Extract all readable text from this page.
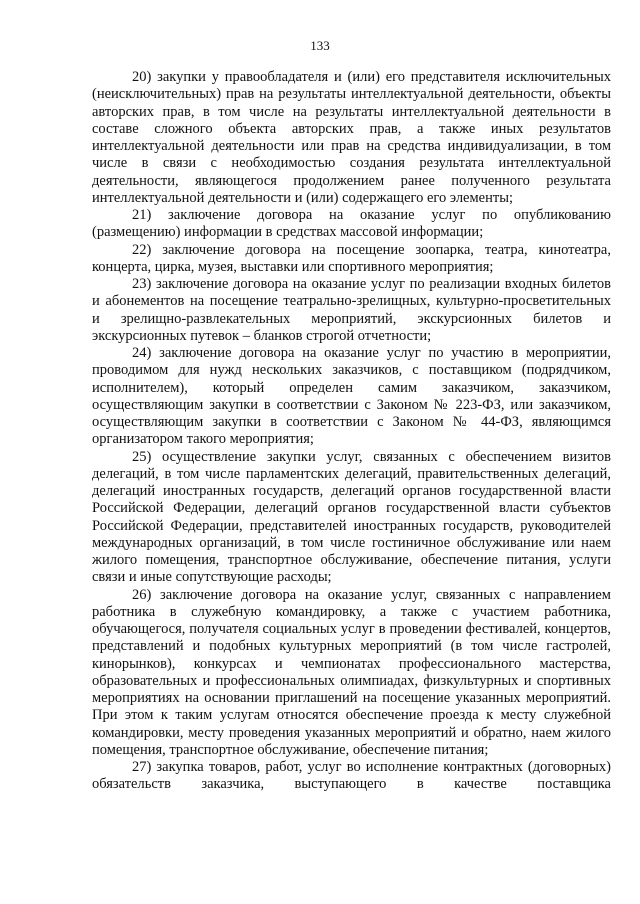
133

20) закупки у правообладателя и (или) его представителя исключительных (неисключительных) прав на результаты интеллектуальной деятельности, объекты авторских прав, в том числе на результаты интеллектуальной деятельности в составе сложного объекта авторских прав, а также иных результатов интеллектуальной деятельности или прав на средства индивидуализации, в том числе в связи с необходимостью создания результата интеллектуальной деятельности, являющегося продолжением ранее полученного результата интеллектуальной деятельности и (или) содержащего его элементы;

21) заключение договора на оказание услуг по опубликованию (размещению) информации в средствах массовой информации;

22) заключение договора на посещение зоопарка, театра, кинотеатра, концерта, цирка, музея, выставки или спортивного мероприятия;

23) заключение договора на оказание услуг по реализации входных билетов и абонементов на посещение театрально-зрелищных, культурно-просветительных и зрелищно-развлекательных мероприятий, экскурсионных билетов и экскурсионных путевок – бланков строгой отчетности;

24) заключение договора на оказание услуг по участию в мероприятии, проводимом для нужд нескольких заказчиков, с поставщиком (подрядчиком, исполнителем), который определен самим заказчиком, заказчиком, осуществляющим закупки в соответствии с Законом № 223-ФЗ, или заказчиком, осуществляющим закупки в соответствии с Законом № 44-ФЗ, являющимся организатором такого мероприятия;

25) осуществление закупки услуг, связанных с обеспечением визитов делегаций, в том числе парламентских делегаций, правительственных делегаций, делегаций иностранных государств, делегаций органов государственной власти Российской Федерации, делегаций органов государственной власти субъектов Российской Федерации, представителей иностранных государств, руководителей международных организаций, в том числе гостиничное обслуживание или наем жилого помещения, транспортное обслуживание, обеспечение питания, услуги связи и иные сопутствующие расходы;

26) заключение договора на оказание услуг, связанных с направлением работника в служебную командировку, а также с участием работника, обучающегося, получателя социальных услуг в проведении фестивалей, концертов, представлений и подобных культурных мероприятий (в том числе гастролей, кинорынков), конкурсах и чемпионатах профессионального мастерства, образовательных и профессиональных олимпиадах, физкультурных и спортивных мероприятиях на основании приглашений на посещение указанных мероприятий. При этом к таким услугам относятся обеспечение проезда к месту служебной командировки, месту проведения указанных мероприятий и обратно, наем жилого помещения, транспортное обслуживание, обеспечение питания;

27) закупка товаров, работ, услуг во исполнение контрактных (договорных) обязательств заказчика, выступающего в качестве поставщика
